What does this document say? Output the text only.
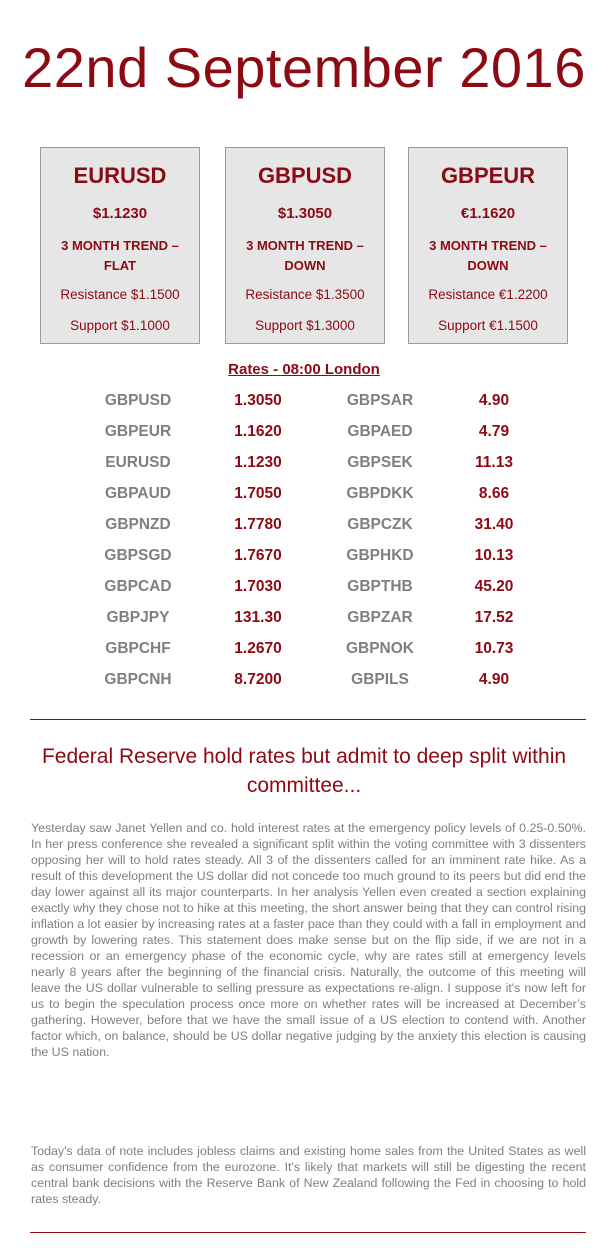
22nd September 2016
EURUSD
$1.1230
3 MONTH TREND – FLAT
Resistance $1.1500
Support $1.1000
GBPUSD
$1.3050
3 MONTH TREND – DOWN
Resistance $1.3500
Support $1.3000
GBPEUR
€1.1620
3 MONTH TREND – DOWN
Resistance €1.2200
Support €1.1500
Rates - 08:00 London
GBPUSD	1.3050	GBPSAR	4.90
GBPEUR	1.1620	GBPAED	4.79
EURUSD	1.1230	GBPSEK	11.13
GBPAUD	1.7050	GBPDKK	8.66
GBPNZD	1.7780	GBPCZK	31.40
GBPSGD	1.7670	GBPHKD	10.13
GBPCAD	1.7030	GBPTHB	45.20
GBPJPY	131.30	GBPZAR	17.52
GBPCHF	1.2670	GBPNOK	10.73
GBPCNH	8.7200	GBPILS	4.90
Federal Reserve hold rates but admit to deep split within committee...
Yesterday saw Janet Yellen and co. hold interest rates at the emergency policy levels of 0.25-0.50%. In her press conference she revealed a significant split within the voting committee with 3 dissenters opposing her will to hold rates steady. All 3 of the dissenters called for an imminent rate hike. As a result of this development the US dollar did not concede too much ground to its peers but did end the day lower against all its major counterparts. In her analysis Yellen even created a section explaining exactly why they chose not to hike at this meeting, the short answer being that they can control rising inflation a lot easier by increasing rates at a faster pace than they could with a fall in employment and growth by lowering rates. This statement does make sense but on the flip side, if we are not in a recession or an emergency phase of the economic cycle, why are rates still at emergency levels nearly 8 years after the beginning of the financial crisis. Naturally, the outcome of this meeting will leave the US dollar vulnerable to selling pressure as expectations re-align. I suppose it's now left for us to begin the speculation process once more on whether rates will be increased at December’s gathering. However, before that we have the small issue of a US election to contend with. Another factor which, on balance, should be US dollar negative judging by the anxiety this election is causing the US nation.
Today's data of note includes jobless claims and existing home sales from the United States as well as consumer confidence from the eurozone. It's likely that markets will still be digesting the recent central bank decisions with the Reserve Bank of New Zealand following the Fed in choosing to hold rates steady.
